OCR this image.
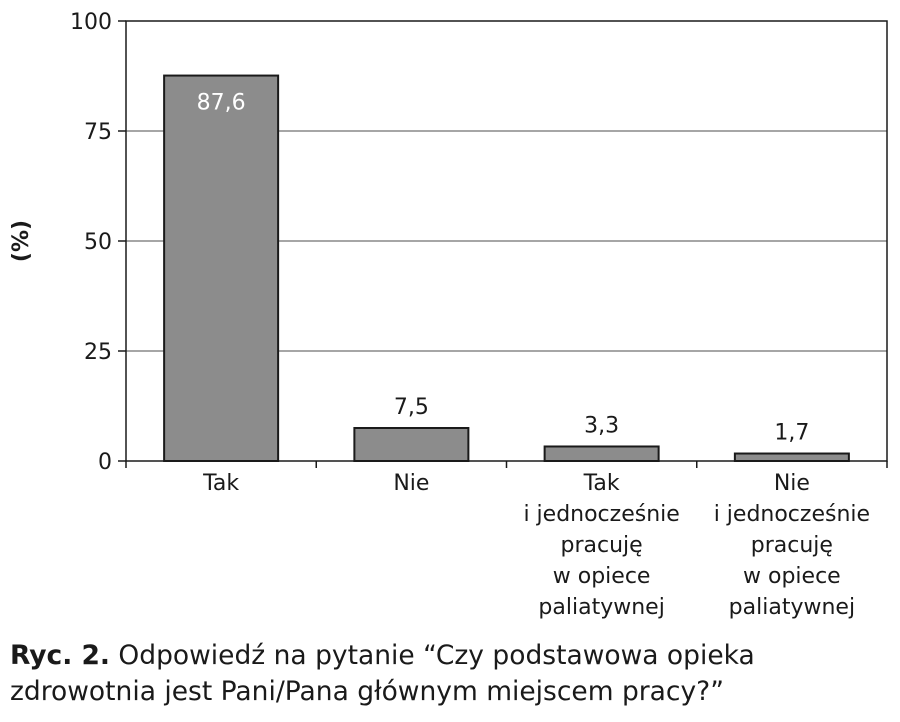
0
25
50
75
100
Tak	Nie	Tak i jednocześnie pracuję w opiece paliatywnej
Nie i jednocześnie pracuję w opiece paliatywnej
87,6
7,5
3,3	1,7
(%)
Ryc. 2. Odpowiedź na pytanie “Czy podstawowa opieka zdrowotnia jest Pani/Pana głównym miejscem pracy?”
